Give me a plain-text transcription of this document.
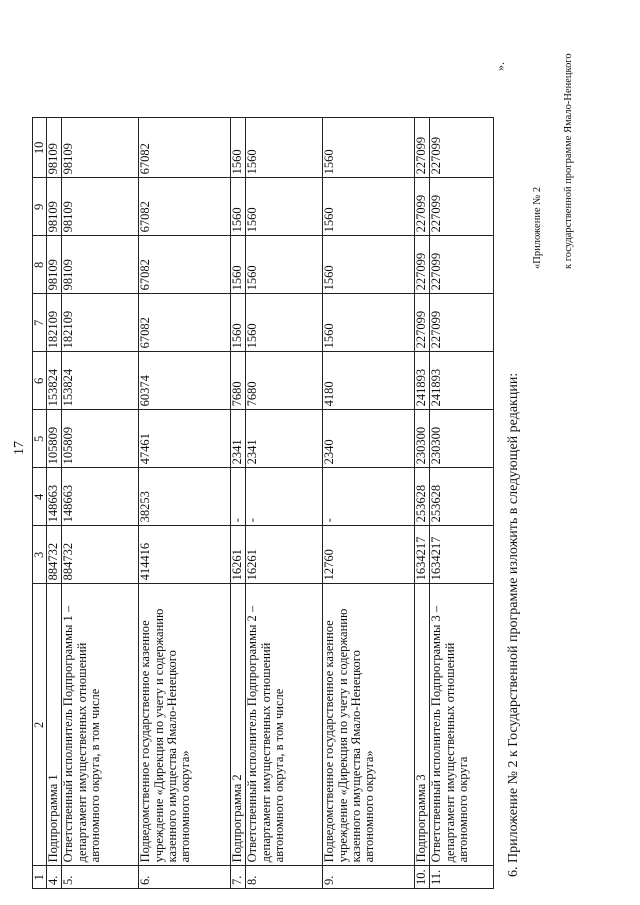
17
1	2	3	4	5	6	7	8	9	10
4.	Подпрограмма 1	884732	148663	105809	153824	182109	98109	98109	98109
5.	Ответственный исполнитель Подпрограммы 1 – департамент имущественных отношений автономного округа, в том числе	884732	148663	105809	153824	182109	98109	98109	98109
6.	Подведомственное государственное казенное учреждение «Дирекция по учету и содержанию казенного имущества Ямало-Ненецкого автономного округа»	414416	38253	47461	60374	67082	67082	67082	67082
7.	Подпрограмма 2	16261	-	2341	7680	1560	1560	1560	1560
8.	Ответственный исполнитель Подпрограммы 2 – департамент имущественных отношений автономного округа, в том числе	16261	-	2341	7680	1560	1560	1560	1560
9.	Подведомственное государственное казенное учреждение «Дирекция по учету и содержанию казенного имущества Ямало-Ненецкого автономного округа»	12760	-	2340	4180	1560	1560	1560	1560
10.	Подпрограмма 3	1634217	253628	230300	241893	227099	227099	227099	227099
11.	Ответственный исполнитель Подпрограммы 3 – департамент имущественных отношений автономного округа	1634217	253628	230300	241893	227099	227099	227099	227099
».
6. Приложение № 2 к Государственной программе изложить в следующей редакции:
«Приложение № 2 к государственной программе Ямало-Ненецкого
